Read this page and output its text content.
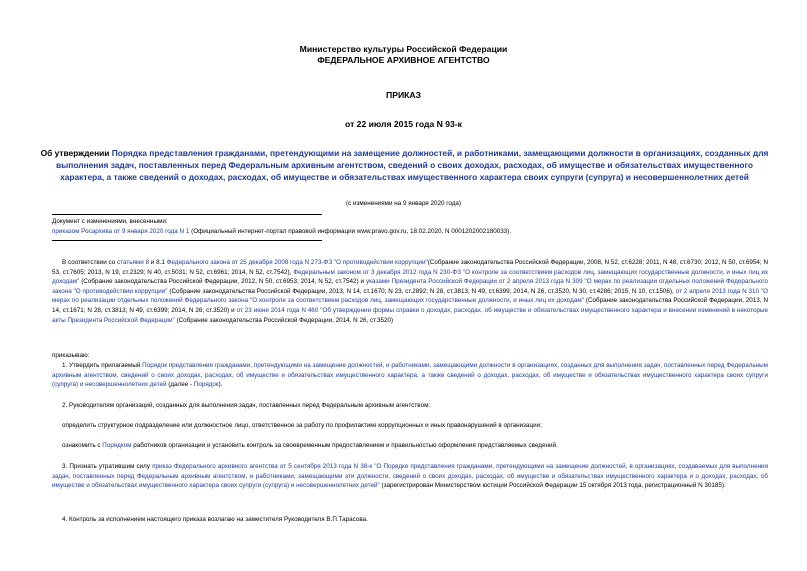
Министерство культуры Российской Федерации
ФЕДЕРАЛЬНОЕ АРХИВНОЕ АГЕНТСТВО
ПРИКАЗ
от 22 июля 2015 года N 93-к
Об утверждении Порядка представления гражданами, претендующими на замещение должностей, и работниками, замещающими должности в организациях, созданных для выполнения задач, поставленных перед Федеральным архивным агентством, сведений о своих доходах, расходах, об имуществе и обязательствах имущественного характера, а также сведений о доходах, расходах, об имуществе и обязательствах имущественного характера своих супруги (супруга) и несовершеннолетних детей
(с изменениями на 9 января 2020 года)
Документ с изменениями, внесенными:
приказом Росархива от 9 января 2020 года N 1 (Официальный интернет-портал правовой информации www.pravo.gov.ru, 18.02.2020, N 0001202002180033).
В соответствии со статьями 8 и 8.1 Федерального закона от 25 декабря 2008 года N 273-ФЗ "О противодействии коррупции"(Собрание законодательства Российской Федерации, 2008, N 52, ст.6228; 2011, N 48, ст.6730; 2012, N 50, ст.6954; N 53, ст.7605; 2013, N 19, ст.2329; N 40, ст.5031; N 52, ст.6961; 2014, N 52, ст.7542), Федеральным законом от 3 декабря 2012 года N 230-ФЗ "О контроле за соответствием расходов лиц, замещающих государственные должности, и иных лиц их доходам" (Собрание законодательства Российской Федерации, 2012, N 50, ст.6953; 2014, N 52, ст.7542) и указами Президента Российской Федерации от 2 апреля 2013 года N 309 "О мерах по реализации отдельных положений Федерального закона "О противодействии коррупции" (Собрание законодательства Российской Федерации, 2013, N 14, ст.1670; N 23, ст.2892; N 28, ст.3813; N 49, ст.6399; 2014, N 26, ст.3520, N 30, ст.4286; 2015, N 10, ст.1506), от 2 апреля 2013 года N 310 "О мерах по реализации отдельных положений Федерального закона "О контроле за соответствием расходов лиц, замещающих государственные должности, и иных лиц их доходам" (Собрание законодательства Российской Федерации, 2013, N 14, ст.1671; N 28, ст.3813; N 49, ст.6399; 2014, N 26, ст.3520) и от 23 июня 2014 года N 460 "Об утверждении формы справки о доходах, расходах, об имуществе и обязательствах имущественного характера и внесении изменений в некоторые акты Президента Российской Федерации" (Собрание законодательства Российской Федерации, 2014, N 26, ст.3520)
приказываю:
1. Утвердить прилагаемый Порядок представления гражданами, претендующими на замещение должностей, и работниками, замещающими должности в организациях, созданных для выполнения задач, поставленных перед Федеральным архивным агентством, сведений о своих доходах, расходах, об имуществе и обязательствах имущественного характера, а также сведений о доходах, расходах, об имуществе и обязательствах имущественного характера своих супруги (супруга) и несовершеннолетних детей (далее - Порядок).
2. Руководителям организаций, созданных для выполнения задач, поставленных перед Федеральным архивным агентством:
определить структурное подразделение или должностное лицо, ответственное за работу по профилактике коррупционных и иных правонарушений в организации;
ознакомить с Порядком работников организации и установить контроль за своевременным предоставлением и правильностью оформления представляемых сведений.
3. Признать утратившим силу приказ Федерального архивного агентства от 5 сентября 2013 года N 38-к "О Порядке представления гражданами, претендующими на замещение должностей, в организациях, создаваемых для выполнения задач, поставленных перед Федеральным архивным агентством, и работниками, замещающими эти должности, сведений о своих доходах, расходах, об имуществе и обязательствах имущественного характера и о доходах, расходах, об имуществе и обязательствах имущественного характера своих супруги (супруга) и несовершеннолетних детей" (зарегистрирован Министерством юстиции Российской Федерации 15 октября 2013 года, регистрационный N 30185).
4. Контроль за исполнением настоящего приказа возлагаю на заместителя Руководителя В.П.Тарасова.
